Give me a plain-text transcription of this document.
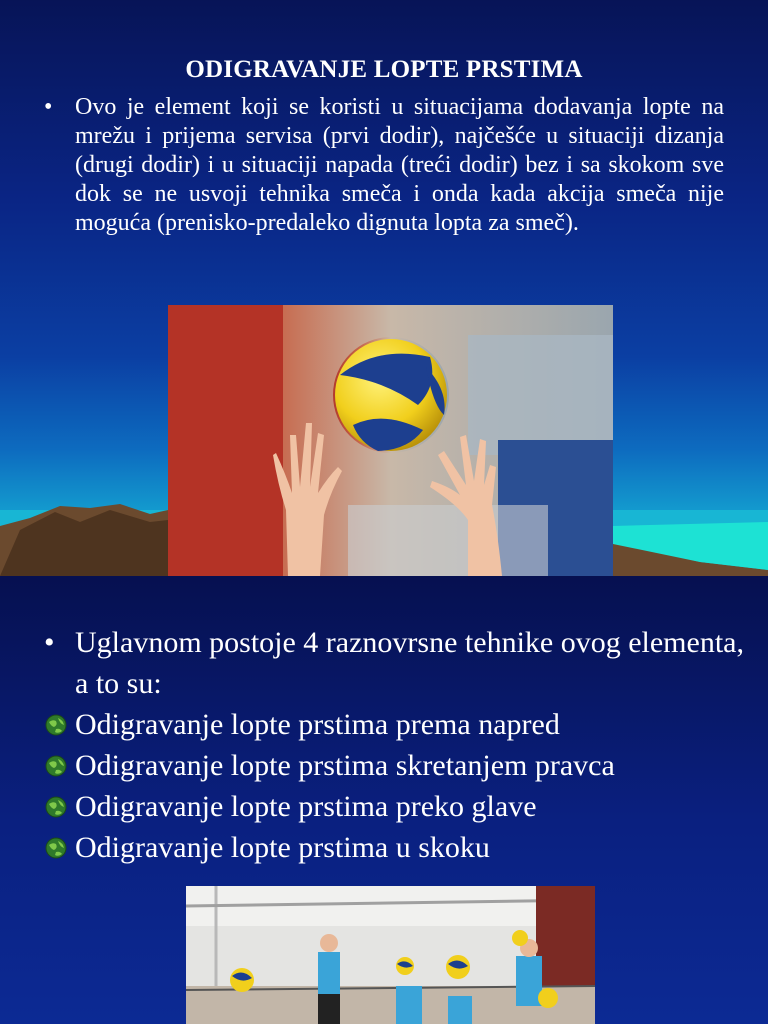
ODIGRAVANJE LOPTE PRSTIMA
• Ovo je element koji se koristi u situacijama dodavanja lopte na mrežu i prijema servisa (prvi dodir), najčešće u situaciji dizanja (drugi dodir) i u situaciji napada (treći dodir) bez i sa skokom sve dok se ne usvoji tehnika smeča i onda kada akcija smeča nije moguća (prenisko-predaleko dignuta lopta za smeč).
• Uglavnom postoje 4 raznovrsne tehnike ovog elementa, a to su:
Odigravanje lopte prstima prema napred
Odigravanje lopte prstima skretanjem pravca
Odigravanje lopte prstima preko glave
Odigravanje lopte prstima u skoku
